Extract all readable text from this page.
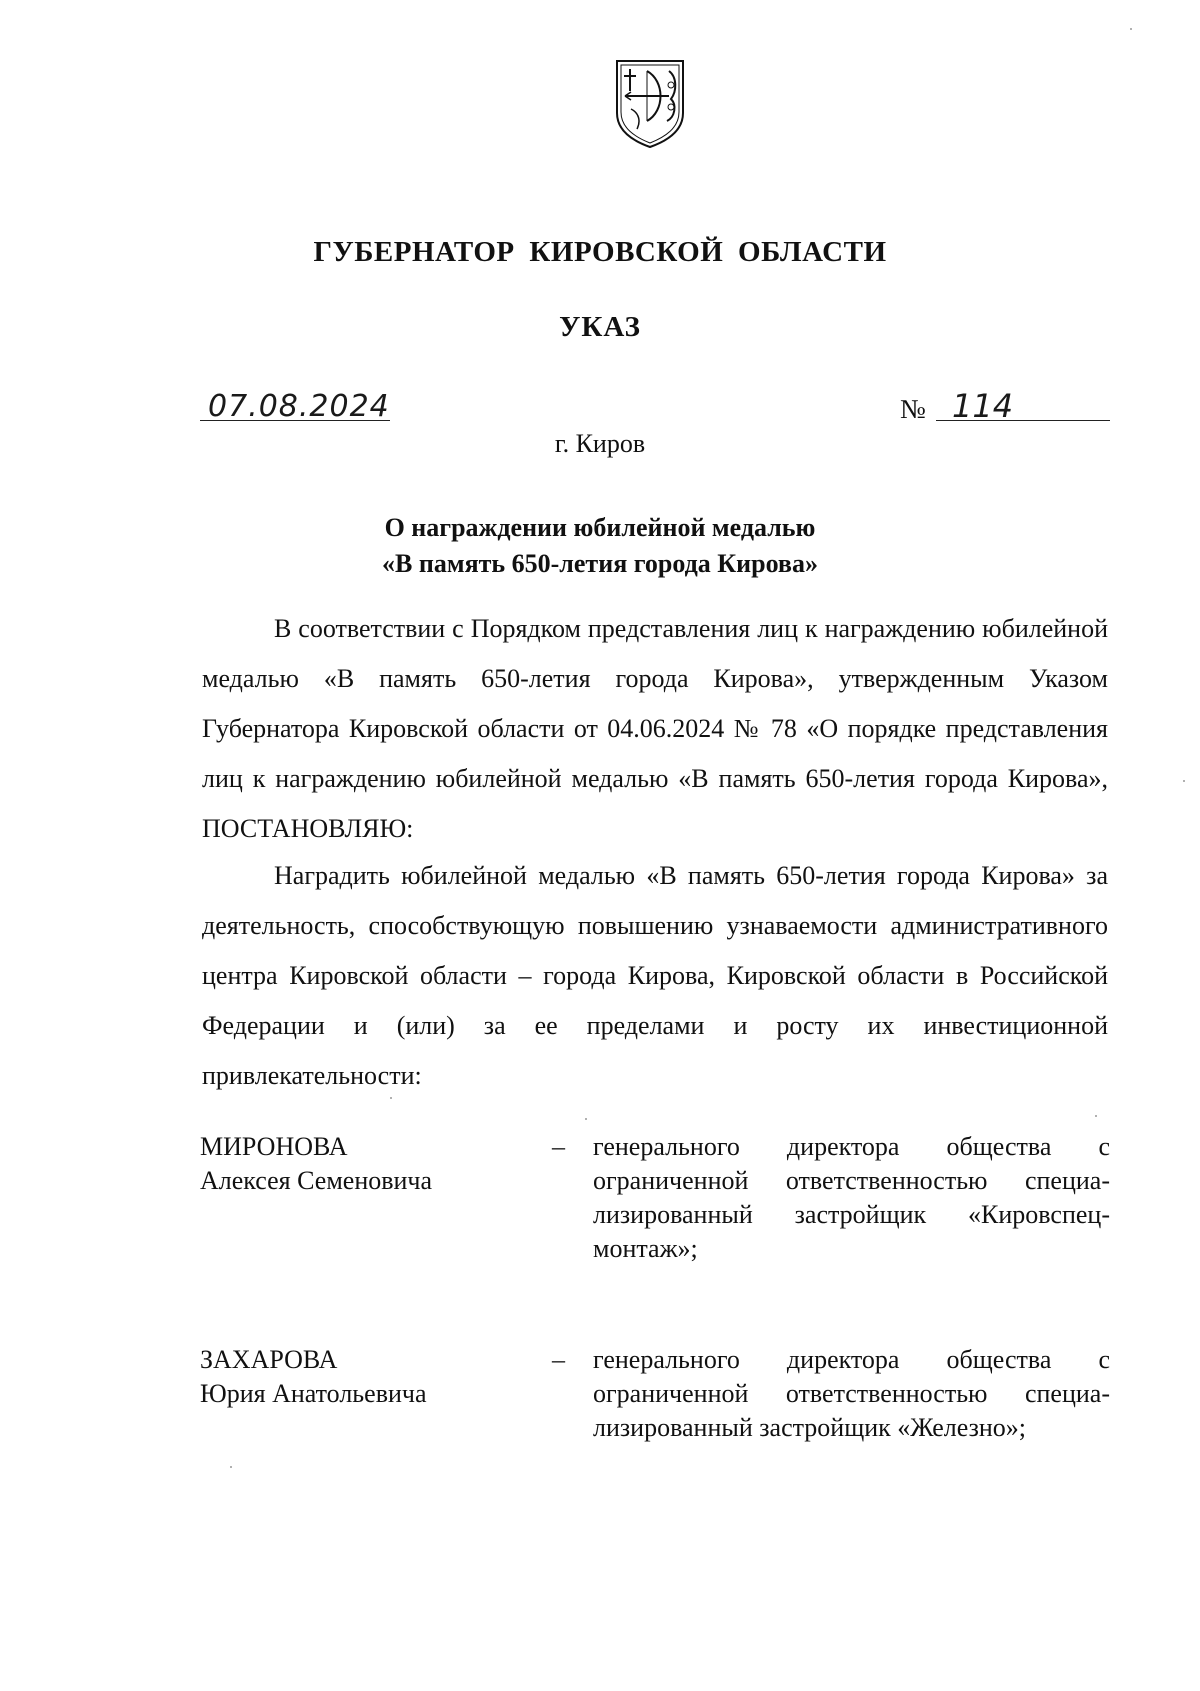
ГУБЕРНАТОР КИРОВСКОЙ ОБЛАСТИ
УКАЗ
07.08.2024	№ 114
г. Киров
О награждении юбилейной медалью
«В память 650-летия города Кирова»
В соответствии с Порядком представления лиц к награждению юбилейной медалью «В память 650-летия города Кирова», утвержденным Указом Губернатора Кировской области от 04.06.2024 № 78 «О порядке представления лиц к награждению юбилейной медалью «В память 650-летия города Кирова», ПОСТАНОВЛЯЮ:
Наградить юбилейной медалью «В память 650-летия города Кирова» за деятельность, способствующую повышению узнаваемости административного центра Кировской области – города Кирова, Кировской области в Российской Федерации и (или) за ее пределами и росту их инвестиционной привлекательности:
МИРОНОВА
Алексея Семеновича
– генерального директора общества с ограниченной ответственностью специа-лизированный застройщик «Кировспец-монтаж»;
ЗАХАРОВА
Юрия Анатольевича
– генерального директора общества с ограниченной ответственностью специа-лизированный застройщик «Железно»;
